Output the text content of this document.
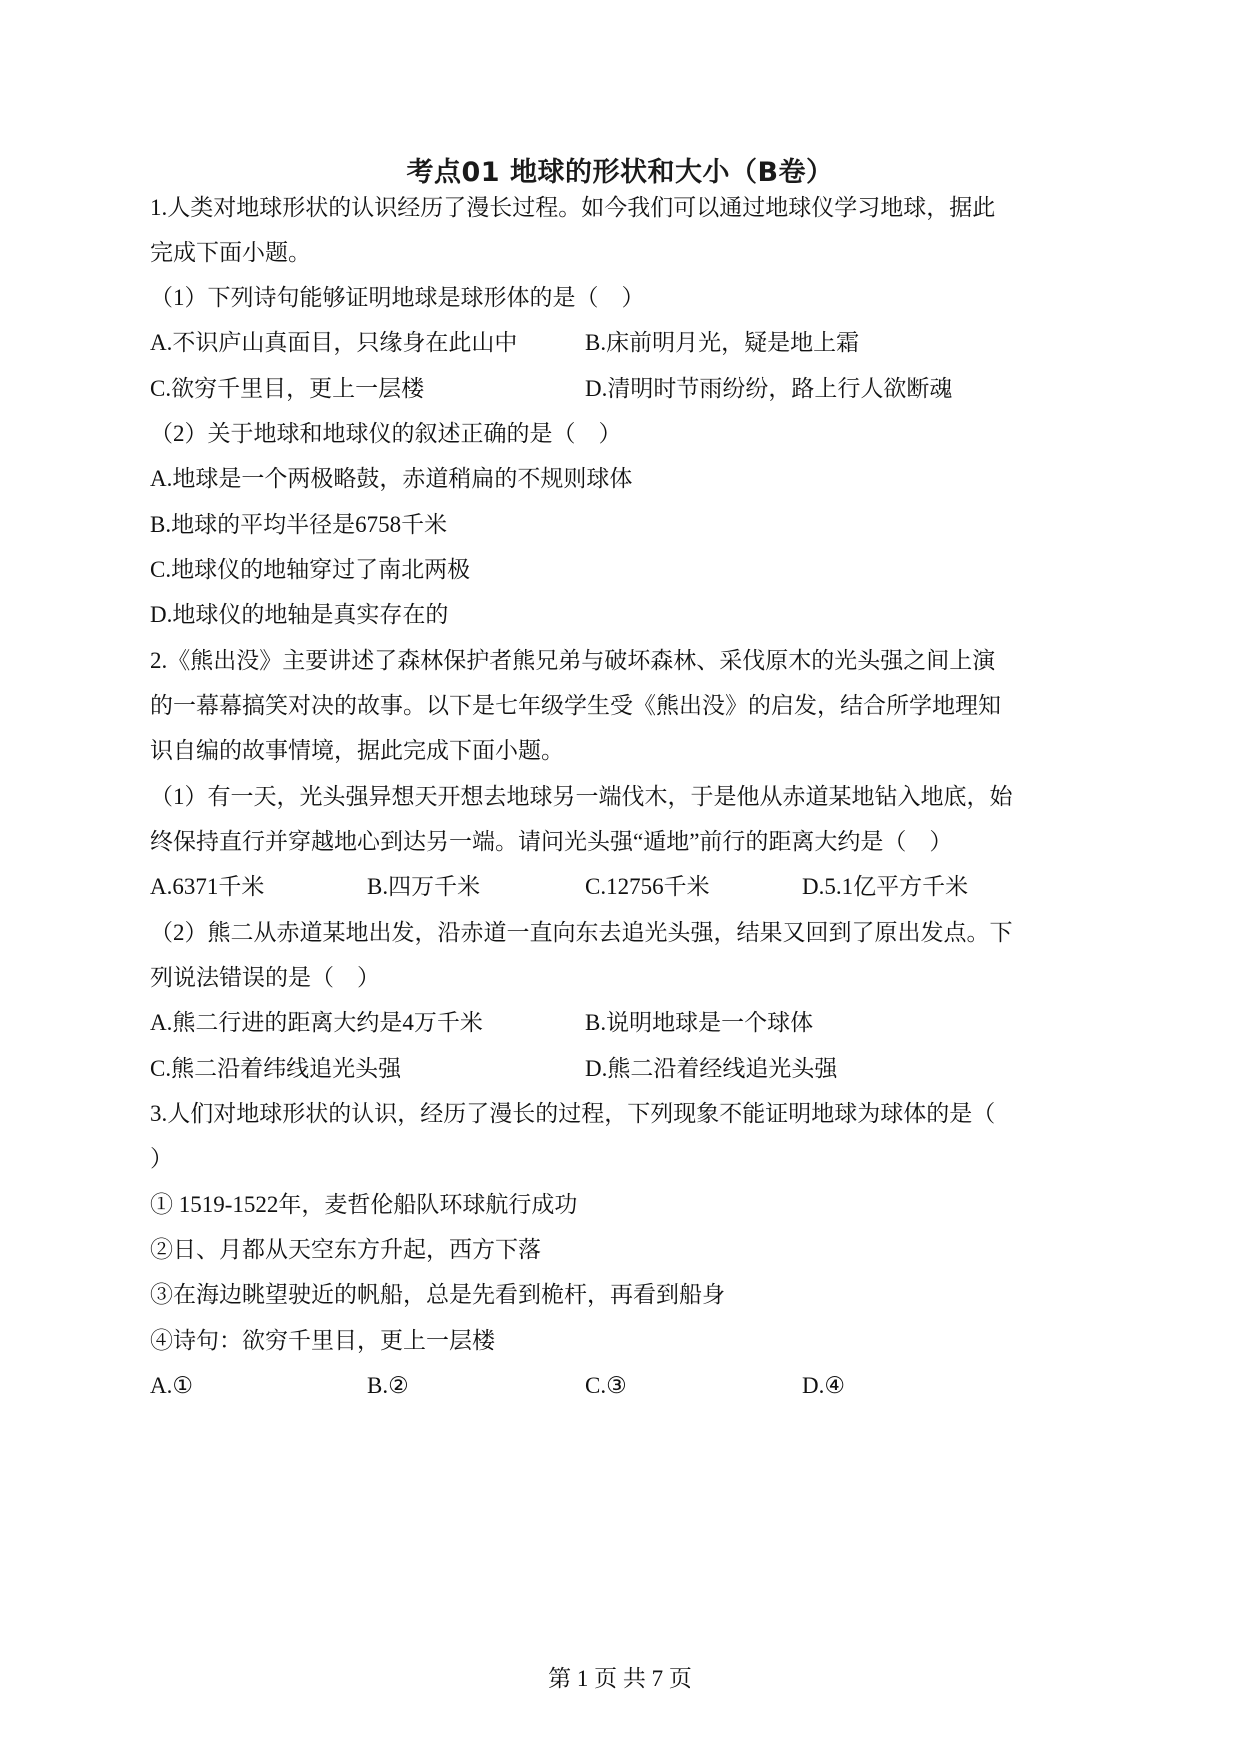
考点01 地球的形状和大小（B卷）
1.人类对地球形状的认识经历了漫长过程。如今我们可以通过地球仪学习地球，据此
完成下面小题。
（1）下列诗句能够证明地球是球形体的是（　）
A.不识庐山真面目，只缘身在此山中	B.床前明月光，疑是地上霜
C.欲穷千里目，更上一层楼	D.清明时节雨纷纷，路上行人欲断魂
（2）关于地球和地球仪的叙述正确的是（　）
A.地球是一个两极略鼓，赤道稍扁的不规则球体
B.地球的平均半径是6758千米
C.地球仪的地轴穿过了南北两极
D.地球仪的地轴是真实存在的
2.《熊出没》主要讲述了森林保护者熊兄弟与破坏森林、采伐原木的光头强之间上演
的一幕幕搞笑对决的故事。以下是七年级学生受《熊出没》的启发，结合所学地理知
识自编的故事情境，据此完成下面小题。
（1）有一天，光头强异想天开想去地球另一端伐木，于是他从赤道某地钻入地底，始
终保持直行并穿越地心到达另一端。请问光头强“遁地”前行的距离大约是（　）
A.6371千米	B.四万千米	C.12756千米	D.5.1亿平方千米
（2）熊二从赤道某地出发，沿赤道一直向东去追光头强，结果又回到了原出发点。下
列说法错误的是（　）
A.熊二行进的距离大约是4万千米	B.说明地球是一个球体
C.熊二沿着纬线追光头强	D.熊二沿着经线追光头强
3.人们对地球形状的认识，经历了漫长的过程，下列现象不能证明地球为球体的是（
）
① 1519-1522年，麦哲伦船队环球航行成功
②日、月都从天空东方升起，西方下落
③在海边眺望驶近的帆船，总是先看到桅杆，再看到船身
④诗句：欲穷千里目，更上一层楼
A.①	B.②	C.③	D.④
第 1 页 共 7 页
